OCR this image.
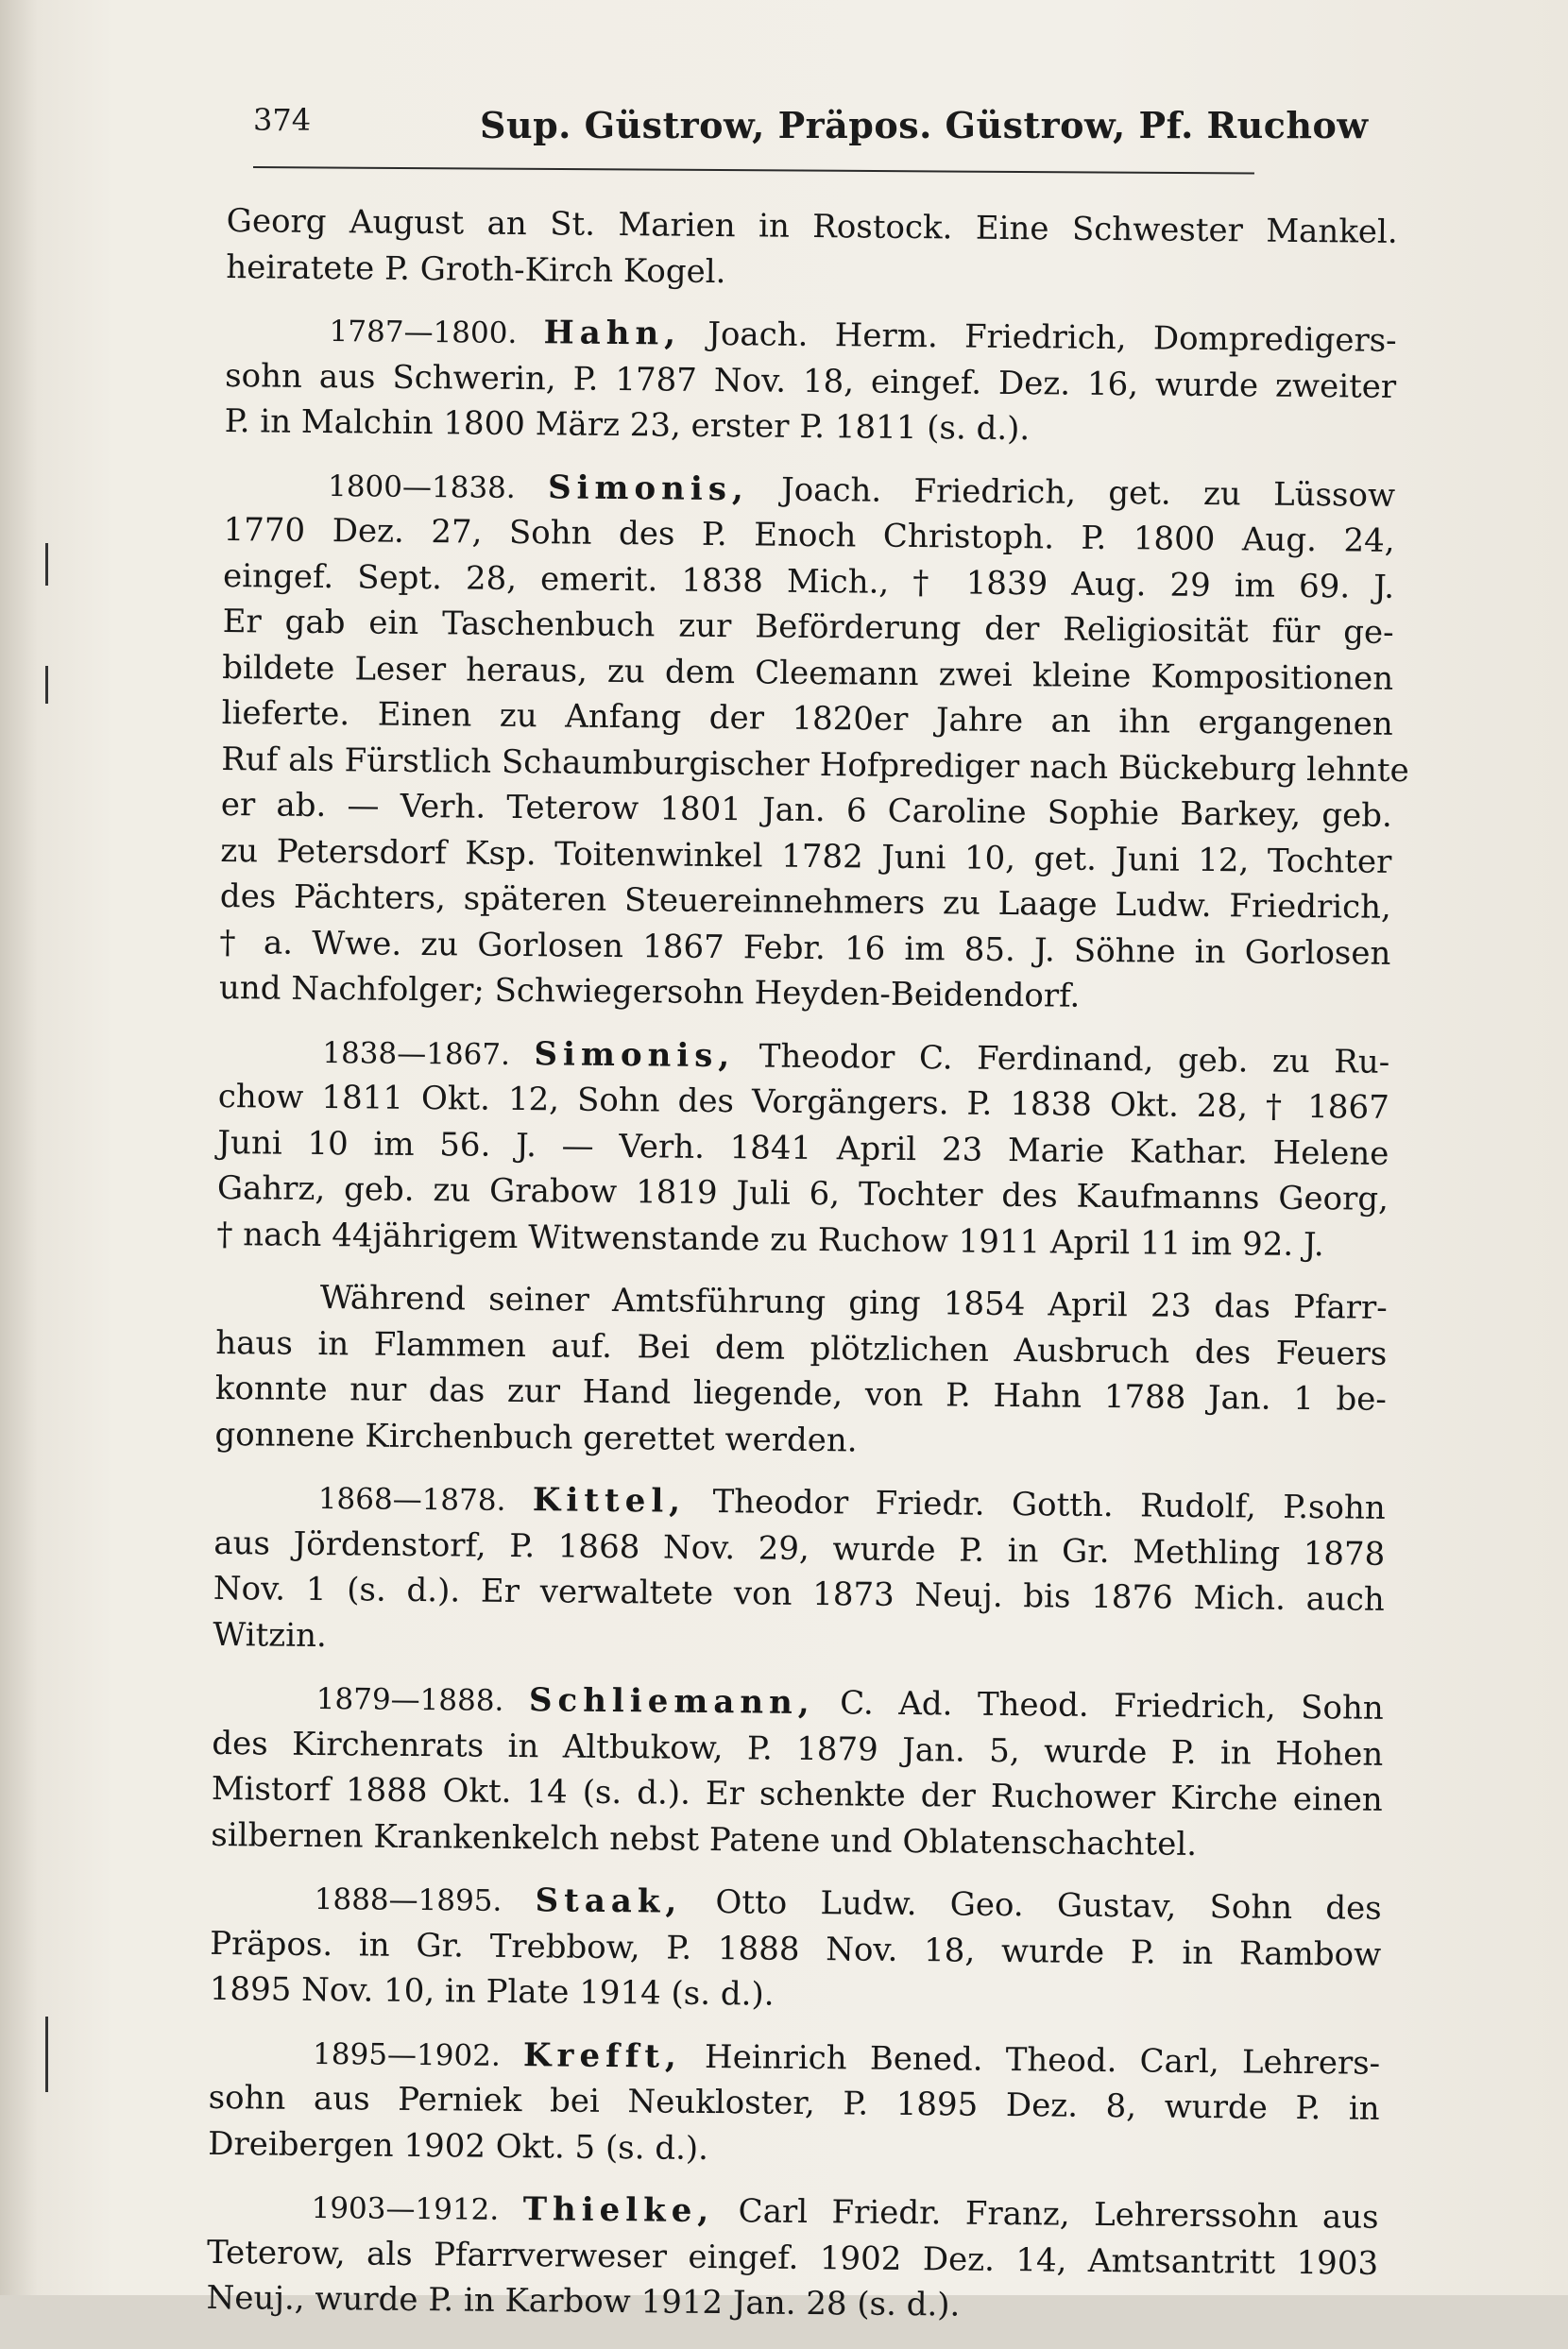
374	Sup. Güstrow, Präpos. Güstrow, Pf. Ruchow
Georg August an St. Marien in Rostock. Eine Schwester Mankel.
heiratete P. Groth-Kirch Kogel.
1787—1800. Hahn, Joach. Herm. Friedrich, Dompredigers-
sohn aus Schwerin, P. 1787 Nov. 18, eingef. Dez. 16, wurde zweiter
P. in Malchin 1800 März 23, erster P. 1811 (s. d.).
1800—1838. Simonis, Joach. Friedrich, get. zu Lüssow
1770 Dez. 27, Sohn des P. Enoch Christoph. P. 1800 Aug. 24,
eingef. Sept. 28, emerit. 1838 Mich., † 1839 Aug. 29 im 69. J.
Er gab ein Taschenbuch zur Beförderung der Religiosität für ge-
bildete Leser heraus, zu dem Cleemann zwei kleine Kompositionen
lieferte. Einen zu Anfang der 1820er Jahre an ihn ergangenen
Ruf als Fürstlich Schaumburgischer Hofprediger nach Bückeburg lehnte
er ab. — Verh. Teterow 1801 Jan. 6 Caroline Sophie Barkey, geb.
zu Petersdorf Ksp. Toitenwinkel 1782 Juni 10, get. Juni 12, Tochter
des Pächters, späteren Steuereinnehmers zu Laage Ludw. Friedrich,
† a. Wwe. zu Gorlosen 1867 Febr. 16 im 85. J. Söhne in Gorlosen
und Nachfolger; Schwiegersohn Heyden-Beidendorf.
1838—1867. Simonis, Theodor C. Ferdinand, geb. zu Ru-
chow 1811 Okt. 12, Sohn des Vorgängers. P. 1838 Okt. 28, † 1867
Juni 10 im 56. J. — Verh. 1841 April 23 Marie Kathar. Helene
Gahrz, geb. zu Grabow 1819 Juli 6, Tochter des Kaufmanns Georg,
† nach 44jährigem Witwenstande zu Ruchow 1911 April 11 im 92. J.
Während seiner Amtsführung ging 1854 April 23 das Pfarr-
haus in Flammen auf. Bei dem plötzlichen Ausbruch des Feuers
konnte nur das zur Hand liegende, von P. Hahn 1788 Jan. 1 be-
gonnene Kirchenbuch gerettet werden.
1868—1878. Kittel, Theodor Friedr. Gotth. Rudolf, P.sohn
aus Jördenstorf, P. 1868 Nov. 29, wurde P. in Gr. Methling 1878
Nov. 1 (s. d.). Er verwaltete von 1873 Neuj. bis 1876 Mich. auch
Witzin.
1879—1888. Schliemann, C. Ad. Theod. Friedrich, Sohn
des Kirchenrats in Altbukow, P. 1879 Jan. 5, wurde P. in Hohen
Mistorf 1888 Okt. 14 (s. d.). Er schenkte der Ruchower Kirche einen
silbernen Krankenkelch nebst Patene und Oblatenschachtel.
1888—1895. Staak, Otto Ludw. Geo. Gustav, Sohn des
Präpos. in Gr. Trebbow, P. 1888 Nov. 18, wurde P. in Rambow
1895 Nov. 10, in Plate 1914 (s. d.).
1895—1902. Krefft, Heinrich Bened. Theod. Carl, Lehrers-
sohn aus Perniek bei Neukloster, P. 1895 Dez. 8, wurde P. in
Dreibergen 1902 Okt. 5 (s. d.).
1903—1912. Thielke, Carl Friedr. Franz, Lehrerssohn aus
Teterow, als Pfarrverweser eingef. 1902 Dez. 14, Amtsantritt 1903
Neuj., wurde P. in Karbow 1912 Jan. 28 (s. d.).
